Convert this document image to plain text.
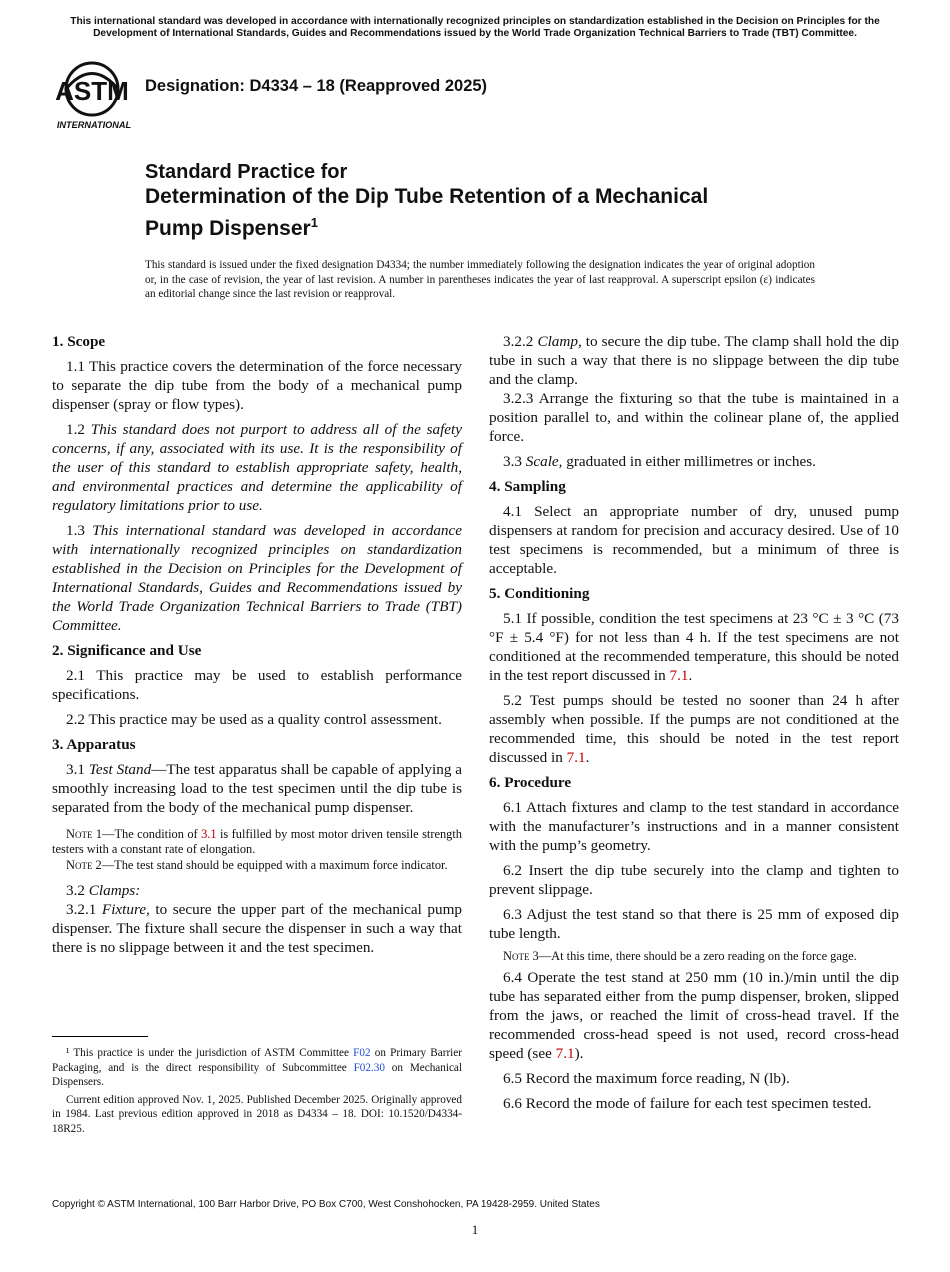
This international standard was developed in accordance with internationally recognized principles on standardization established in the Decision on Principles for the Development of International Standards, Guides and Recommendations issued by the World Trade Organization Technical Barriers to Trade (TBT) Committee.
ASTM
INTERNATIONAL
Designation: D4334 – 18 (Reapproved 2025)
Standard Practice for
Determination of the Dip Tube Retention of a Mechanical
Pump Dispenser$^1$
This standard is issued under the fixed designation D4334; the number immediately following the designation indicates the year of original adoption or, in the case of revision, the year of last revision. A number in parentheses indicates the year of last reapproval. A superscript epsilon (ε) indicates an editorial change since the last revision or reapproval.
1. Scope

1.1 This practice covers the determination of the force necessary to separate the dip tube from the body of a mechanical pump dispenser (spray or flow types).

1.2 This standard does not purport to address all of the safety concerns, if any, associated with its use. It is the responsibility of the user of this standard to establish appropriate safety, health, and environmental practices and determine the applicability of regulatory limitations prior to use.

1.3 This international standard was developed in accordance with internationally recognized principles on standardization established in the Decision on Principles for the Development of International Standards, Guides and Recommendations issued by the World Trade Organization Technical Barriers to Trade (TBT) Committee.

2. Significance and Use

2.1 This practice may be used to establish performance specifications.

2.2 This practice may be used as a quality control assessment.

3. Apparatus

3.1 Test Stand—The test apparatus shall be capable of applying a smoothly increasing load to the test specimen until the dip tube is separated from the body of the mechanical pump dispenser.

Note 1—The condition of 3.1 is fulfilled by most motor driven tensile strength testers with a constant rate of elongation.
Note 2—The test stand should be equipped with a maximum force indicator.

3.2 Clamps:

3.2.1 Fixture, to secure the upper part of the mechanical pump dispenser. The fixture shall secure the dispenser in such a way that there is no slippage between it and the test specimen.

¹ This practice is under the jurisdiction of ASTM Committee F02 on Primary Barrier Packaging, and is the direct responsibility of Subcommittee F02.30 on Mechanical Dispensers.

Current edition approved Nov. 1, 2025. Published December 2025. Originally approved in 1984. Last previous edition approved in 2018 as D4334 – 18. DOI: 10.1520/D4334-18R25.

3.2.2 Clamp, to secure the dip tube. The clamp shall hold the dip tube in such a way that there is no slippage between the dip tube and the clamp.

3.2.3 Arrange the fixturing so that the tube is maintained in a position parallel to, and within the colinear plane of, the applied force.

3.3 Scale, graduated in either millimetres or inches.

4. Sampling

4.1 Select an appropriate number of dry, unused pump dispensers at random for precision and accuracy desired. Use of 10 test specimens is recommended, but a minimum of three is acceptable.

5. Conditioning

5.1 If possible, condition the test specimens at 23 °C ± 3 °C (73 °F ± 5.4 °F) for not less than 4 h. If the test specimens are not conditioned at the recommended temperature, this should be noted in the test report discussed in 7.1.

5.2 Test pumps should be tested no sooner than 24 h after assembly when possible. If the pumps are not conditioned at the recommended time, this should be noted in the test report discussed in 7.1.

6. Procedure

6.1 Attach fixtures and clamp to the test standard in accordance with the manufacturer’s instructions and in a manner consistent with the pump’s geometry.

6.2 Insert the dip tube securely into the clamp and tighten to prevent slippage.

6.3 Adjust the test stand so that there is 25 mm of exposed dip tube length.

Note 3—At this time, there should be a zero reading on the force gage.

6.4 Operate the test stand at 250 mm (10 in.)/min until the dip tube has separated either from the pump dispenser, broken, slipped from the jaws, or reached the limit of cross-head travel. If the recommended cross-head speed is not used, record cross-head speed (see 7.1).

6.5 Record the maximum force reading, N (lb).

6.6 Record the mode of failure for each test specimen tested.

Copyright © ASTM International, 100 Barr Harbor Drive, PO Box C700, West Conshohocken, PA 19428-2959. United States
1
